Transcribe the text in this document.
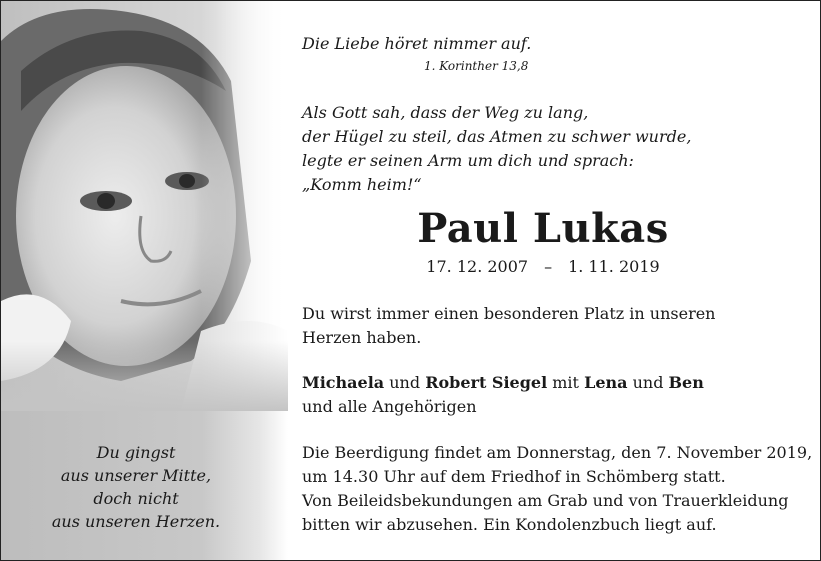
Du gingst
aus unserer Mitte,
doch nicht
aus unseren Herzen.
Die Liebe höret nimmer auf.
1. Korinther 13,8
Als Gott sah, dass der Weg zu lang,
der Hügel zu steil, das Atmen zu schwer wurde,
legte er seinen Arm um dich und sprach:
„Komm heim!“
Paul Lukas
17. 12. 2007 – 1. 11. 2019
Du wirst immer einen besonderen Platz in unseren
Herzen haben.
Michaela und Robert Siegel mit Lena und Ben
und alle Angehörigen
Die Beerdigung findet am Donnerstag, den 7. November 2019,
um 14.30 Uhr auf dem Friedhof in Schömberg statt.
Von Beileidsbekundungen am Grab und von Trauerkleidung
bitten wir abzusehen. Ein Kondolenzbuch liegt auf.
